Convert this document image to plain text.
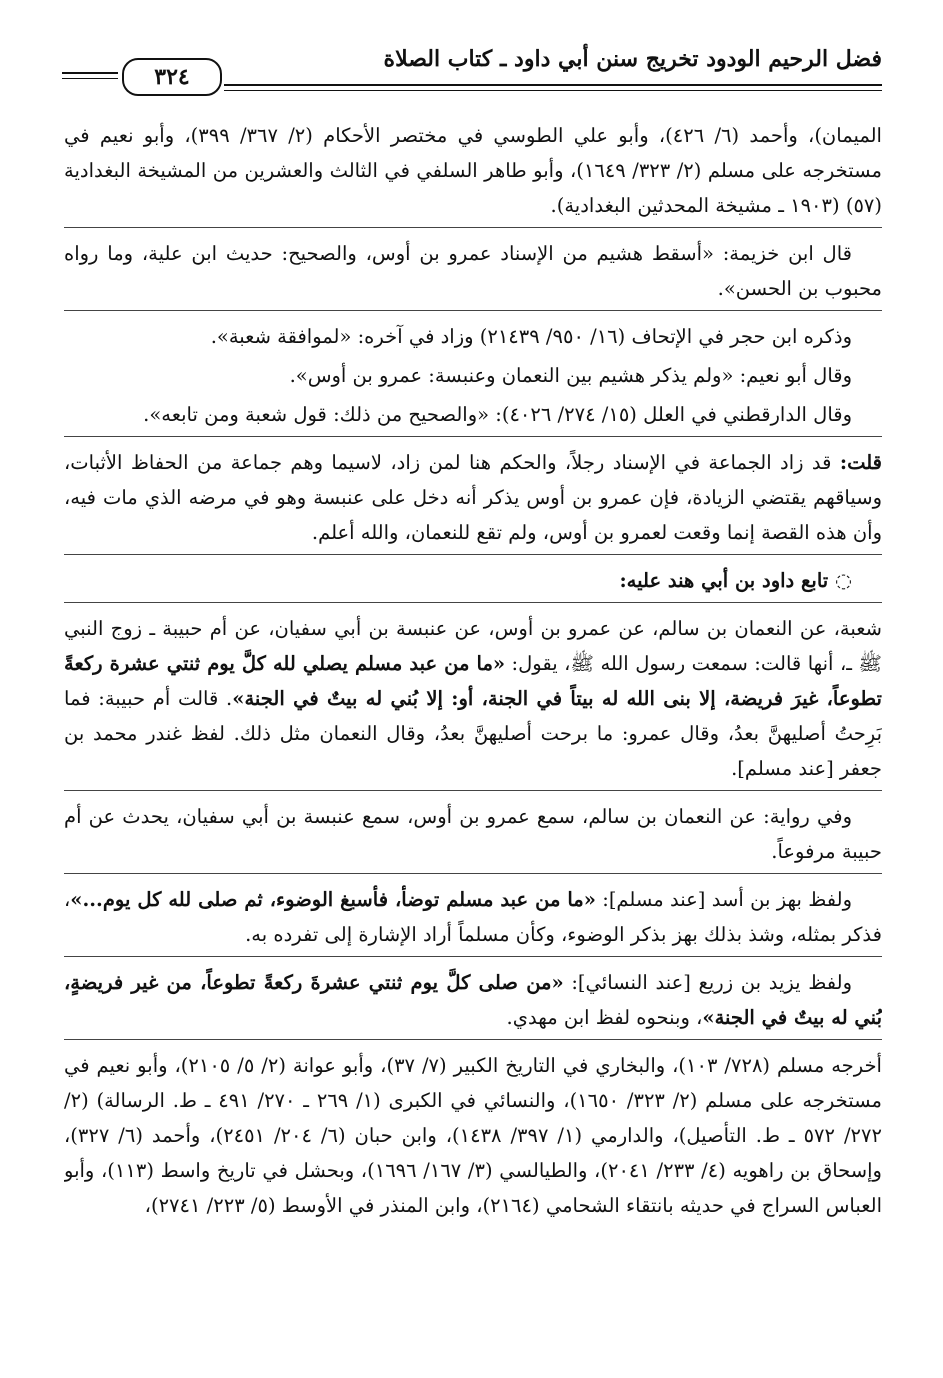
فضل الرحيم الودود تخريج سنن أبي داود ـ كتاب الصلاة
٣٢٤

الميمان)، وأحمد (٦/ ٤٢٦)، وأبو علي الطوسي في مختصر الأحكام (٢/ ٣٦٧/ ٣٩٩)، وأبو نعيم في مستخرجه على مسلم (٢/ ٣٢٣/ ١٦٤٩)، وأبو طاهر السلفي في الثالث والعشرين من المشيخة البغدادية (٥٧) (١٩٠٣ ـ مشيخة المحدثين البغدادية).

قال ابن خزيمة: «أسقط هشيم من الإسناد عمرو بن أوس، والصحيح: حديث ابن علية، وما رواه محبوب بن الحسن».

وذكره ابن حجر في الإتحاف (١٦/ ٩٥٠/ ٢١٤٣٩) وزاد في آخره: «لموافقة شعبة».

وقال أبو نعيم: «ولم يذكر هشيم بين النعمان وعنبسة: عمرو بن أوس».

وقال الدارقطني في العلل (١٥/ ٢٧٤/ ٤٠٢٦): «والصحيح من ذلك: قول شعبة ومن تابعه».

قلت: قد زاد الجماعة في الإسناد رجلاً، والحكم هنا لمن زاد، لاسيما وهم جماعة من الحفاظ الأثبات، وسياقهم يقتضي الزيادة، فإن عمرو بن أوس يذكر أنه دخل على عنبسة وهو في مرضه الذي مات فيه، وأن هذه القصة إنما وقعت لعمرو بن أوس، ولم تقع للنعمان، والله أعلم.

◌ تابع داود بن أبي هند عليه:

شعبة، عن النعمان بن سالم، عن عمرو بن أوس، عن عنبسة بن أبي سفيان، عن أم حبيبة ـ زوج النبي ﷺ ـ، أنها قالت: سمعت رسول الله ﷺ، يقول: «ما من عبد مسلم يصلي لله كلَّ يوم ثنتي عشرة ركعةً تطوعاً، غيرَ فريضة، إلا بنى الله له بيتاً في الجنة، أو: إلا بُني له بيتٌ في الجنة». قالت أم حبيبة: فما بَرِحتُ أصليهنَّ بعدُ، وقال عمرو: ما برحت أصليهنَّ بعدُ، وقال النعمان مثل ذلك. لفظ غندر محمد بن جعفر [عند مسلم].

وفي رواية: عن النعمان بن سالم، سمع عمرو بن أوس، سمع عنبسة بن أبي سفيان، يحدث عن أم حبيبة مرفوعاً.

ولفظ بهز بن أسد [عند مسلم]: «ما من عبد مسلم توضأ، فأسبغ الوضوء، ثم صلى لله كل يوم...»، فذكر بمثله، وشذ بذلك بهز بذكر الوضوء، وكأن مسلماً أراد الإشارة إلى تفرده به.

ولفظ يزيد بن زريع [عند النسائي]: «من صلى كلَّ يوم ثنتي عشرةَ ركعةً تطوعاً، من غير فريضةٍ، بُني له بيتٌ في الجنة»، وبنحوه لفظ ابن مهدي.

أخرجه مسلم (٧٢٨/ ١٠٣)، والبخاري في التاريخ الكبير (٧/ ٣٧)، وأبو عوانة (٢/ ٥/ ٢١٠٥)، وأبو نعيم في مستخرجه على مسلم (٢/ ٣٢٣/ ١٦٥٠)، والنسائي في الكبرى (١/ ٢٦٩ ـ ٢٧٠/ ٤٩١ ـ ط. الرسالة) (٢/ ٢٧٢/ ٥٧٢ ـ ط. التأصيل)، والدارمي (١/ ٣٩٧/ ١٤٣٨)، وابن حبان (٦/ ٢٠٤/ ٢٤٥١)، وأحمد (٦/ ٣٢٧)، وإسحاق بن راهويه (٤/ ٢٣٣/ ٢٠٤١)، والطيالسي (٣/ ١٦٧/ ١٦٩٦)، وبحشل في تاريخ واسط (١١٣)، وأبو العباس السراج في حديثه بانتقاء الشحامي (٢١٦٤)، وابن المنذر في الأوسط (٥/ ٢٢٣/ ٢٧٤١)،
